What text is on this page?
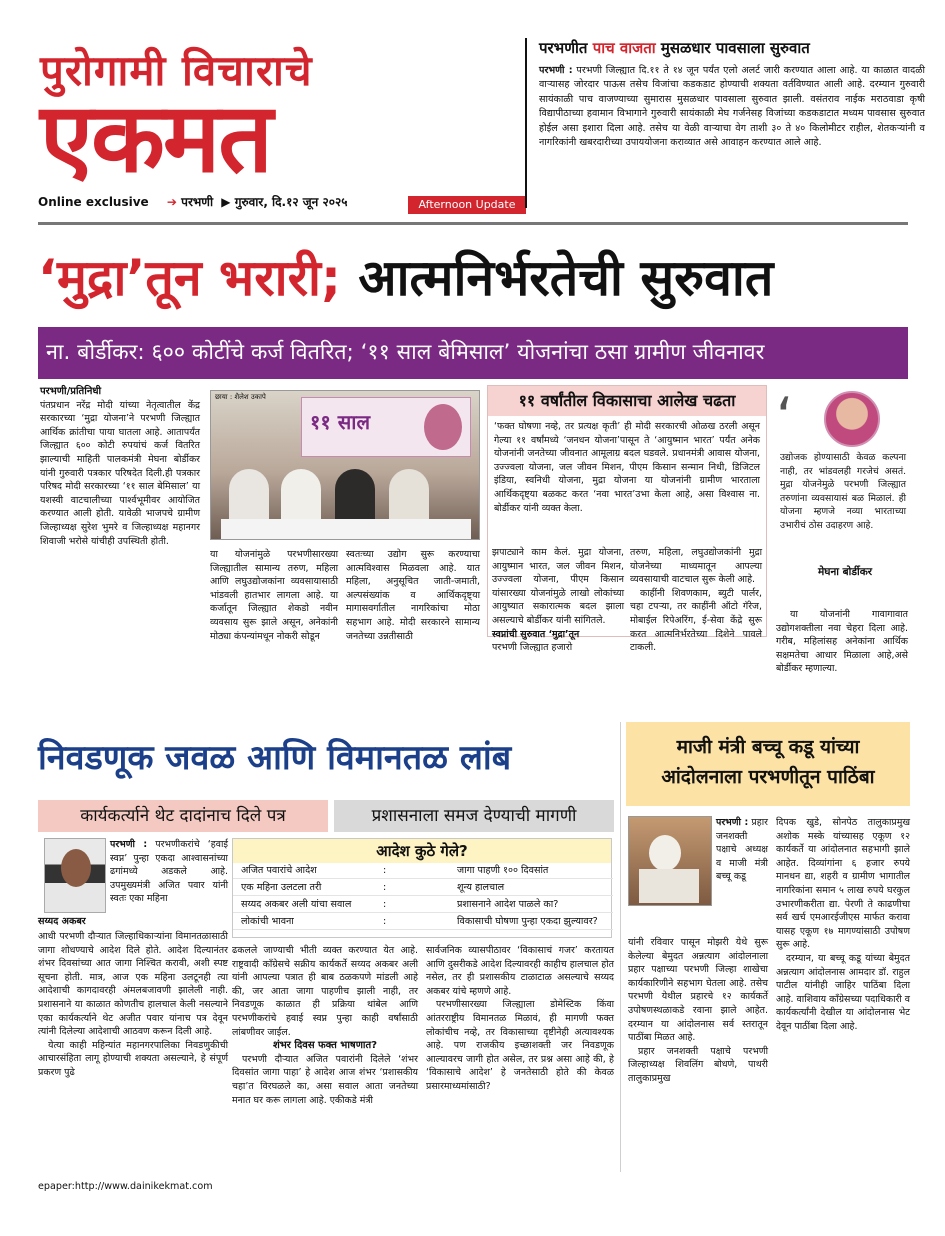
पुरोगामी विचाराचे
एकमत
Online exclusive ➔ परभणी ▶ गुरुवार, दि.१२ जून २०२५	Afternoon Update
परभणीत पाच वाजता मुसळधार पावसाला सुरुवात
परभणी : परभणी जिल्ह्यात दि.११ ते १४ जून पर्यंत एलो अलर्ट जारी करण्यात आला आहे. या काळात वादळी वाऱ्यासह जोरदार पाऊस तसेच विजांचा कडकडाट होण्याची शक्यता वर्तविण्यात आली आहे. दरम्यान गुरुवारी सायंकाळी पाच वाजण्याच्या सुमारास मुसळधार पावसाला सुरुवात झाली. वसंतराव नाईक मराठवाडा कृषी विद्यापीठाच्या हवामान विभागाने गुरुवारी सायंकाळी मेघ गर्जनेसह विजांच्या कडकडाटात मध्यम पावसास सुरुवात होईल असा इशारा दिला आहे. तसेच या वेळी वाऱ्याचा वेग ताशी ३० ते ४० किलोमीटर राहील, शेतकऱ्यांनी व नागरिकांनी खबरदारीच्या उपाययोजना कराव्यात असे आवाहन करण्यात आले आहे.
‘मुद्रा’तून भरारी; आत्मनिर्भरतेची सुरुवात
ना. बोर्डीकर: ६०० कोटींचे कर्ज वितरित; ‘११ साल बेमिसाल’ योजनांचा ठसा ग्रामीण जीवनावर
परभणी/प्रतिनिधी
पंतप्रधान नरेंद्र मोदी यांच्या नेतृत्वातील केंद्र सरकारच्या ‘मुद्रा योजना’ने परभणी जिल्ह्यात आर्थिक क्रांतीचा पाया घातला आहे. आतापर्यंत जिल्ह्यात ६०० कोटी रुपयांचं कर्ज वितरित झाल्याची माहिती पालकमंत्री मेघना बोर्डीकर यांनी गुरुवारी पत्रकार परिषदेत दिली.ही पत्रकार परिषद मोदी सरकारच्या ‘११ साल बेमिसाल’ या यशस्वी वाटचालीच्या पार्श्वभूमीवर आयोजित करण्यात आली होती. यावेळी भाजपचे ग्रामीण जिल्हाध्यक्ष सुरेश भुमरे व जिल्हाध्यक्ष महानगर शिवाजी भरोसे यांचीही उपस्थिती होती.
छाया : शैलेश उकापे
११ साल
या योजनांमुळे परभणीसारख्या जिल्ह्यातील सामान्य तरुण, महिला आणि लघुउद्योजकांना व्यवसायासाठी भांडवली हातभार लागला आहे. या कर्जातून जिल्ह्यात शेकडो नवीन व्यवसाय सुरू झाले असून, अनेकांनी मोठ्या कंपन्यांमधून नोकरी सोडून
स्वतःच्या उद्योग सुरू करण्याचा आत्मविश्वास मिळवला आहे. यात महिला, अनुसूचित जाती-जमाती, अल्पसंख्यांक व आर्थिकदृष्ट्या मागासवर्गातील नागरिकांचा मोठा सहभाग आहे. मोदी सरकारने सामान्य जनतेच्या उन्नतीसाठी
११ वर्षांतील विकासाचा आलेख चढता
‘फक्त घोषणा नव्हे, तर प्रत्यक्ष कृती’ ही मोदी सरकारची ओळख ठरली असून गेल्या ११ वर्षांमध्ये ‘जनधन योजना’पासून ते ‘आयुष्मान भारत’ पर्यंत अनेक योजनांनी जनतेच्या जीवनात आमूलाग्र बदल घडवले. प्रधानमंत्री आवास योजना, उज्ज्वला योजना, जल जीवन मिशन, पीएम किसान सन्मान निधी, डिजिटल इंडिया, स्वनिधी योजना, मुद्रा योजना या योजनांनी ग्रामीण भारताला आर्थिकदृष्ट्या बळकट करत ‘नवा भारत’उभा केला आहे, असा विश्वास ना. बोर्डीकर यांनी व्यक्त केला.
झपाट्याने काम केलं. मुद्रा योजना, आयुष्मान भारत, जल जीवन मिशन, उज्ज्वला योजना, पीएम किसान यांसारख्या योजनांमुळे लाखो लोकांच्या आयुष्यात सकारात्मक बदल झाला असल्याचे बोर्डीकर यांनी सांगितले.
स्वप्नांची सुरुवात ‘मुद्रा’तून
परभणी जिल्ह्यात हजारो
तरुण, महिला, लघुउद्योजकांनी मुद्रा योजनेच्या माध्यमातून आपल्या व्यवसायाची वाटचाल सुरू केली आहे.
काहींनी शिवणकाम, ब्युटी पार्लर, चहा टपऱ्या, तर काहींनी ऑटो गॅरेज, मोबाईल रिपेअरिंग, ई-सेवा केंद्रे सुरू करत आत्मनिर्भरतेच्या दिशेने पावले टाकली.
‘
उद्योजक होण्यासाठी केवळ कल्पना नाही, तर भांडवलही गरजेचं असतं. मुद्रा योजनेमुळे परभणी जिल्ह्यात तरुणांना व्यवसायासं बळ मिळालं. ही योजना म्हणजे नव्या भारताच्या उभारीचं ठोस उदाहरण आहे.
मेघना बोर्डीकर
या योजनांनी गावागावात उद्योगशक्तीला नवा चेहरा दिला आहे. गरीब, महिलांसह अनेकांना आर्थिक सक्षमतेचा आधार मिळाला आहे,असे बोर्डीकर म्हणाल्या.
निवडणूक जवळ आणि विमानतळ लांब
कार्यकर्त्याने थेट दादांनाच दिले पत्र	प्रशासनाला समज देण्याची मागणी
सय्यद अकबर
परभणी : परभणीकरांचे ‘हवाई स्वप्न’ पुन्हा एकदा आश्वासनांच्या ढगांमध्ये अडकले आहे. उपमुख्यमंत्री अजित पवार यांनी स्वतः एका महिना
आधी परभणी दौऱ्यात जिल्हाधिकाऱ्यांना विमानतळासाठी जागा शोधण्याचे आदेश दिले होते. आदेश दिल्यानंतर शंभर दिवसांच्या आत जागा निश्चित करावी, अशी स्पष्ट सूचना होती. मात्र, आज एक महिना उलटूनही त्या आदेशाची कागदावरही अंमलबजावणी झालेली नाही. प्रशासनाने या काळात कोणतीच हालचाल केली नसल्याने एका कार्यकर्त्याने थेट अजीत पवार यांनाच पत्र देवून त्यांनी दिलेल्या आदेशाची आठवण करून दिली आहे.
येत्या काही महिन्यांत महानगरपालिका निवडणुकीची आचारसंहिता लागू होण्याची शक्यता असल्याने, हे संपूर्ण प्रकरण पुढे
आदेश कुठे गेले?
अजित पवारांचे आदेश	:	जागा पाहणी १०० दिवसांत
एक महिना उलटला तरी	:	शून्य हालचाल
सय्यद अकबर अली यांचा सवाल	:	प्रशासनाने आदेश पाळले का?
लोकांची भावना	:	विकासाची घोषणा पुन्हा एकदा झुल्यावर?
ढकलले जाण्याची भीती व्यक्त करण्यात येत आहे. राष्ट्रवादी काँग्रेसचे सक्रीय कार्यकर्ते सय्यद अकबर अली यांनी आपल्या पत्रात ही बाब ठळकपणे मांडली आहे की, जर आता जागा पाहणीच झाली नाही, तर निवडणूक काळात ही प्रक्रिया थांबेल आणि परभणीकरांचे हवाई स्वप्न पुन्हा काही वर्षांसाठी लांबणीवर जाईल.
शंभर दिवस फक्त भाषणात?
परभणी दौऱ्यात अजित पवारांनी दिलेले ‘शंभर दिवसांत जागा पाहा’ हे आदेश आज शंभर ‘प्रशासकीय चहा’त विरघळले का, असा सवाल आता जनतेच्या मनात घर करू लागला आहे. एकीकडे मंत्री
सार्वजनिक व्यासपीठावर ‘विकासाचं गजर’ करतायत आणि दुसरीकडे आदेश दिल्यावरही काहीच हालचाल होत नसेल, तर ही प्रशासकीय टाळाटाळ असल्याचे सय्यद अकबर यांचे म्हणणे आहे.
परभणीसारख्या जिल्ह्याला डोमेस्टिक किंवा आंतरराष्ट्रीय विमानतळ मिळावं, ही मागणी फक्त लोकांचीच नव्हे, तर विकासाच्या दृष्टीनेही अत्यावश्यक आहे. पण राजकीय इच्छाशक्ती जर निवडणूक आल्यावरच जागी होत असेल, तर प्रश्न असा आहे की, हे ‘विकासाचे आदेश’ हे जनतेसाठी होते की केवळ प्रसारमाध्यमांसाठी?
माजी मंत्री बच्चू कडू यांच्या
आंदोलनाला परभणीतून पाठिंबा
परभणी : प्रहार जनशक्ती पक्षाचे अध्यक्ष व माजी मंत्री बच्चू कडू
यांनी रविवार पासून मोझरी येथे सुरू केलेल्या बेमुदत अन्नत्याग आंदोलनाला प्रहार पक्षाच्या परभणी जिल्हा शाखेचा कार्यकारिणीने सहभाग घेतला आहे. तसेच परभणी येथील प्रहारचे १२ कार्यकर्ते उपोषणस्थळाकडे रवाना झाले आहेत. दरम्यान या आंदोलनास सर्व स्तरातून पाठींबा मिळत आहे.
प्रहार जनशक्ती पक्षाचे परभणी जिल्हाध्यक्ष शिवलिंग बोधणे, पाथरी तालुकाप्रमुख
दिपक खुडे, सोनपेठ तालुकाप्रमुख अशोक मस्के यांच्यासह एकूण १२ कार्यकर्ते या आंदोलनात सहभागी झाले आहेत. दिव्यांगांना ६ हजार रुपये मानधन द्या, शहरी व ग्रामीण भागातील नागरिकांना समान ५ लाख रुपये घरकुल उभारणीकरीता द्या. पेरणी ते काढणीचा सर्व खर्च एमआरईजीएस मार्फत करावा यासह एकूण १७ मागण्यांसाठी उपोषण सुरू आहे.
दरम्यान, या बच्चू कडू यांच्या बेमुदत अन्नत्याग आंदोलनास आमदार डॉ. राहुल पाटील यांनीही जाहिर पाठिंबा दिला आहे. वाशिवाय काँग्रेसच्या पदाधिकारी व कार्यकर्त्यांनी देखील या आंदोलनास भेट देवून पाठींबा दिला आहे.
epaper:http://www.dainikekmat.com
